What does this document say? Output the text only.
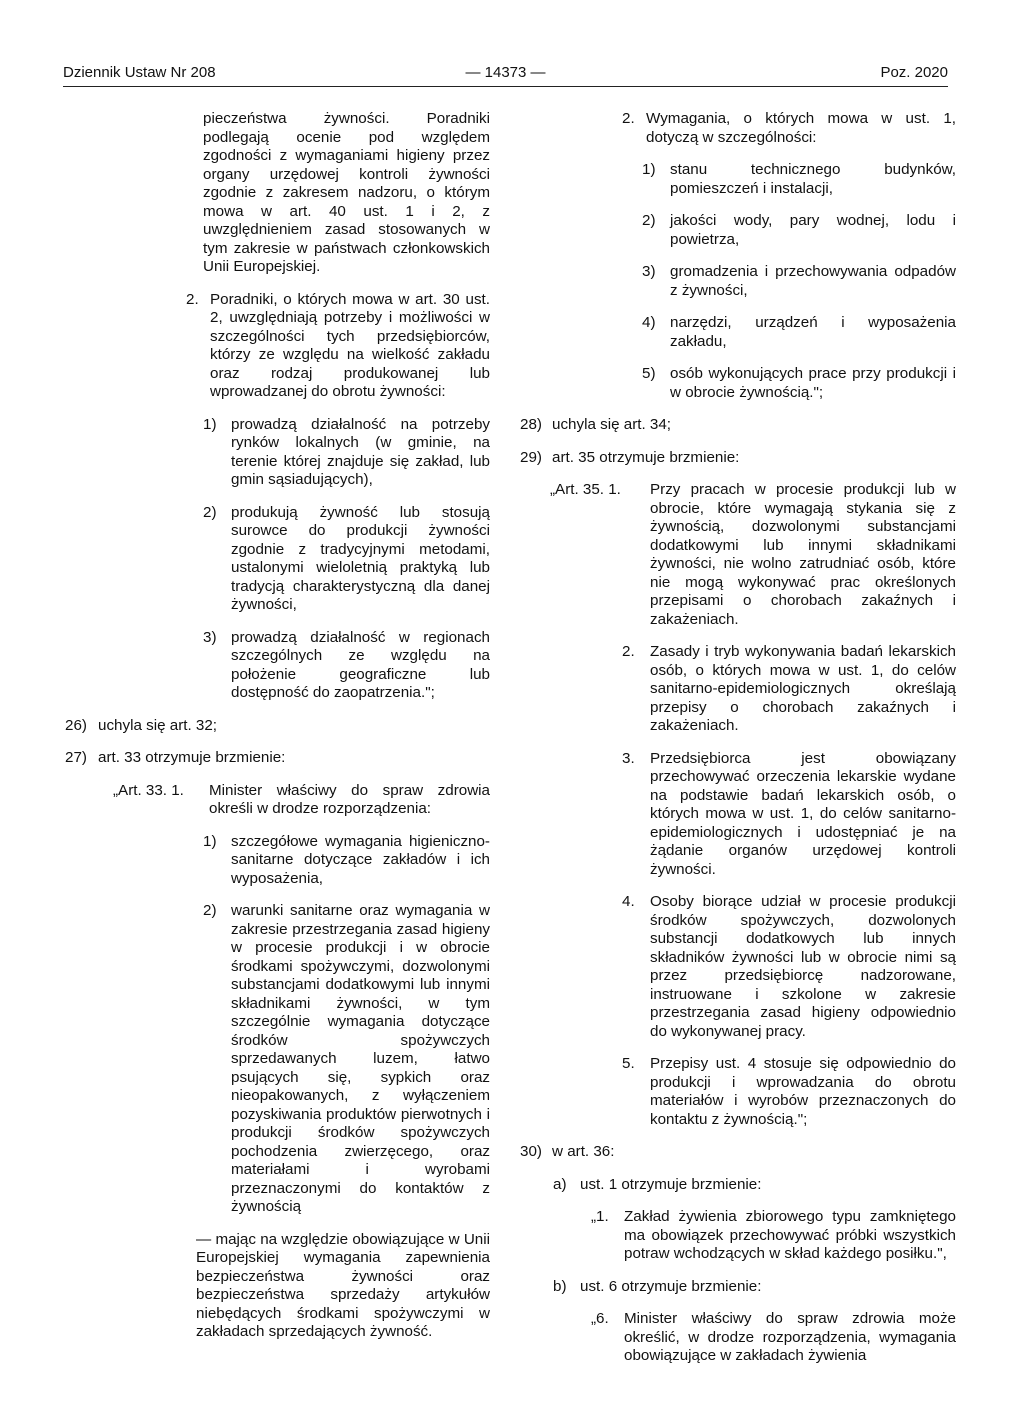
Dziennik Ustaw Nr 208	— 14373 —	Poz. 2020
pieczeństwa żywności. Poradniki podlegają ocenie pod względem zgodności z wymaganiami higieny przez organy urzędowej kontroli żywności zgodnie z zakresem nadzoru, o którym mowa w art. 40 ust. 1 i 2, z uwzględnieniem zasad stosowanych w tym zakresie w państwach członkowskich Unii Europejskiej.
2. Poradniki, o których mowa w art. 30 ust. 2, uwzględniają potrzeby i możliwości w szczególności tych przedsiębiorców, którzy ze względu na wielkość zakładu oraz rodzaj produkowanej lub wprowadzanej do obrotu żywności:
1) prowadzą działalność na potrzeby rynków lokalnych (w gminie, na terenie której znajduje się zakład, lub gmin sąsiadujących),
2) produkują żywność lub stosują surowce do produkcji żywności zgodnie z tradycyjnymi metodami, ustalonymi wieloletnią praktyką lub tradycją charakterystyczną dla danej żywności,
3) prowadzą działalność w regionach szczególnych ze względu na położenie geograficzne lub dostępność do zaopatrzenia.";
26) uchyla się art. 32;
27) art. 33 otrzymuje brzmienie:
„Art. 33. 1.	Minister właściwy do spraw zdrowia określi w drodze rozporządzenia:
1) szczegółowe wymagania higieniczno-sanitarne dotyczące zakładów i ich wyposażenia,
2) warunki sanitarne oraz wymagania w zakresie przestrzegania zasad higieny w procesie produkcji i w obrocie środkami spożywczymi, dozwolonymi substancjami dodatkowymi lub innymi składnikami żywności, w tym szczególnie wymagania dotyczące środków spożywczych sprzedawanych luzem, łatwo psujących się, sypkich oraz nieopakowanych, z wyłączeniem pozyskiwania produktów pierwotnych i produkcji środków spożywczych pochodzenia zwierzęcego, oraz materiałami i wyrobami przeznaczonymi do kontaktów z żywnością
— mając na względzie obowiązujące w Unii Europejskiej wymagania zapewnienia bezpieczeństwa żywności oraz bezpieczeństwa sprzedaży artykułów niebędących środkami spożywczymi w zakładach sprzedających żywność.
2. Wymagania, o których mowa w ust. 1, dotyczą w szczególności:
1) stanu technicznego budynków, pomieszczeń i instalacji,
2) jakości wody, pary wodnej, lodu i powietrza,
3) gromadzenia i przechowywania odpadów z żywności,
4) narzędzi, urządzeń i wyposażenia zakładu,
5) osób wykonujących prace przy produkcji i w obrocie żywnością.";
28) uchyla się art. 34;
29) art. 35 otrzymuje brzmienie:
„Art. 35. 1.	Przy pracach w procesie produkcji lub w obrocie, które wymagają stykania się z żywnością, dozwolonymi substancjami dodatkowymi lub innymi składnikami żywności, nie wolno zatrudniać osób, które nie mogą wykonywać prac określonych przepisami o chorobach zakaźnych i zakażeniach.
2.	Zasady i tryb wykonywania badań lekarskich osób, o których mowa w ust. 1, do celów sanitarno-epidemiologicznych określają przepisy o chorobach zakaźnych i zakażeniach.
3.	Przedsiębiorca jest obowiązany przechowywać orzeczenia lekarskie wydane na podstawie badań lekarskich osób, o których mowa w ust. 1, do celów sanitarno-epidemiologicznych i udostępniać je na żądanie organów urzędowej kontroli żywności.
4.	Osoby biorące udział w procesie produkcji środków spożywczych, dozwolonych substancji dodatkowych lub innych składników żywności lub w obrocie nimi są przez przedsiębiorcę nadzorowane, instruowane i szkolone w zakresie przestrzegania zasad higieny odpowiednio do wykonywanej pracy.
5.	Przepisy ust. 4 stosuje się odpowiednio do produkcji i wprowadzania do obrotu materiałów i wyrobów przeznaczonych do kontaktu z żywnością.";
30) w art. 36:
a) ust. 1 otrzymuje brzmienie:
„1.	Zakład żywienia zbiorowego typu zamkniętego ma obowiązek przechowywać próbki wszystkich potraw wchodzących w skład każdego posiłku.",
b) ust. 6 otrzymuje brzmienie:
„6.	Minister właściwy do spraw zdrowia może określić, w drodze rozporządzenia, wymagania obowiązujące w zakładach żywienia
